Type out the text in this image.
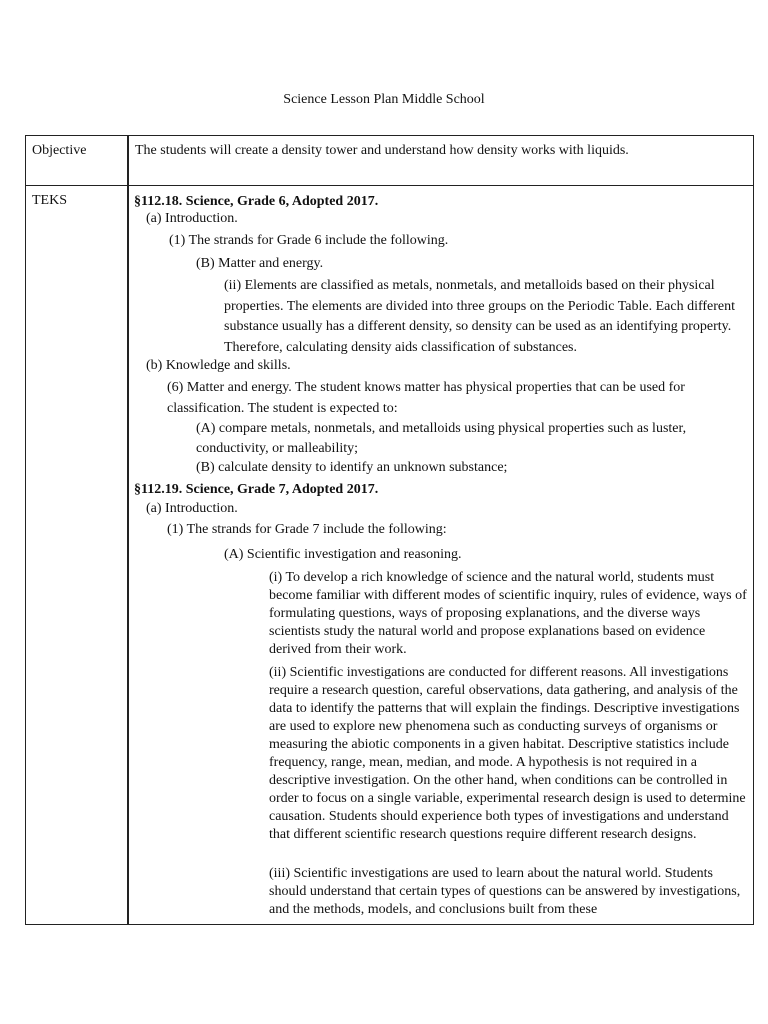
Science Lesson Plan Middle School
Objective	The students will create a density tower and understand how density works with liquids.
TEKS	§112.18. Science, Grade 6, Adopted 2017.
(a) Introduction.
(1) The strands for Grade 6 include the following.
(B) Matter and energy.
(ii) Elements are classified as metals, nonmetals, and metalloids based on their physical properties. The elements are divided into three groups on the Periodic Table. Each different substance usually has a different density, so density can be used as an identifying property. Therefore, calculating density aids classification of substances.
(b) Knowledge and skills.
(6) Matter and energy. The student knows matter has physical properties that can be used for classification. The student is expected to:
(A) compare metals, nonmetals, and metalloids using physical properties such as luster, conductivity, or malleability;
(B) calculate density to identify an unknown substance;
§112.19. Science, Grade 7, Adopted 2017.
(a) Introduction.
(1) The strands for Grade 7 include the following:
(A) Scientific investigation and reasoning.
(i) To develop a rich knowledge of science and the natural world, students must become familiar with different modes of scientific inquiry, rules of evidence, ways of formulating questions, ways of proposing explanations, and the diverse ways scientists study the natural world and propose explanations based on evidence derived from their work.
(ii) Scientific investigations are conducted for different reasons. All investigations require a research question, careful observations, data gathering, and analysis of the data to identify the patterns that will explain the findings. Descriptive investigations are used to explore new phenomena such as conducting surveys of organisms or measuring the abiotic components in a given habitat. Descriptive statistics include frequency, range, mean, median, and mode. A hypothesis is not required in a descriptive investigation. On the other hand, when conditions can be controlled in order to focus on a single variable, experimental research design is used to determine causation. Students should experience both types of investigations and understand that different scientific research questions require different research designs.
(iii) Scientific investigations are used to learn about the natural world. Students should understand that certain types of questions can be answered by investigations, and the methods, models, and conclusions built from these
